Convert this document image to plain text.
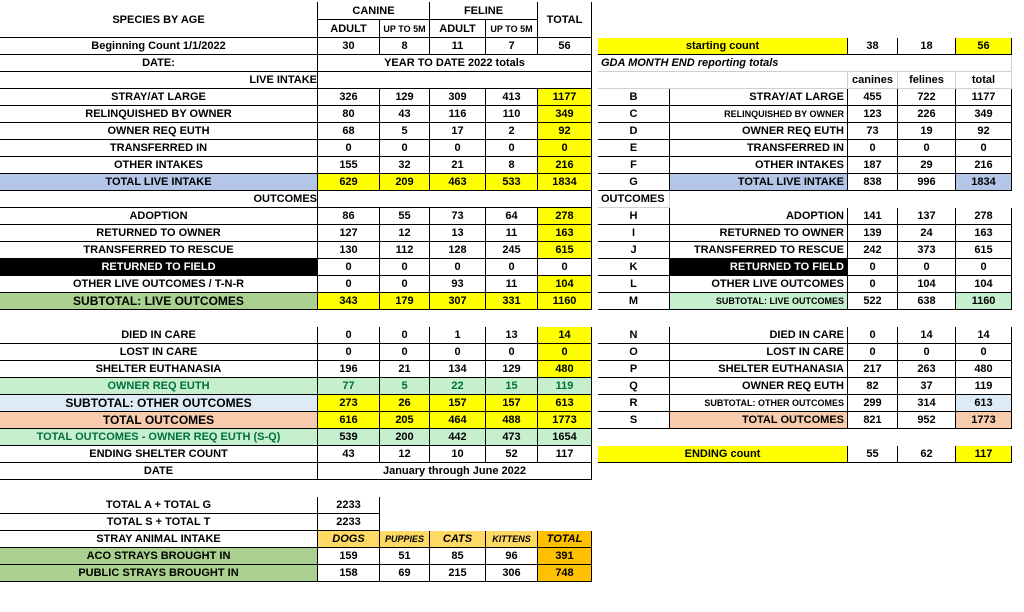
SPECIES BY AGE
CANINE	FELINE
TOTAL
ADULT	UP TO 5M	ADULT	UP TO 5M
Beginning Count 1/1/2022	30	8	11	7	56
DATE:	YEAR TO DATE 2022 totals
LIVE INTAKE
STRAY/AT LARGE	326	129	309	413	1177
RELINQUISHED BY OWNER	80	43	116	110	349
OWNER REQ EUTH	68	5	17	2	92
TRANSFERRED IN	0	0	0	0	0
OTHER INTAKES	155	32	21	8	216
TOTAL LIVE INTAKE	629	209	463	533	1834
OUTCOMES
ADOPTION	86	55	73	64	278
RETURNED TO OWNER	127	12	13	11	163
TRANSFERRED TO RESCUE	130	112	128	245	615
RETURNED TO FIELD	0	0	0	0	0
OTHER LIVE OUTCOMES / T-N-R	0	0	93	11	104
SUBTOTAL: LIVE OUTCOMES	343	179	307	331	1160
DIED IN CARE	0	0	1	13	14
LOST IN CARE	0	0	0	0	0
SHELTER EUTHANASIA	196	21	134	129	480
OWNER REQ EUTH	77	5	22	15	119
SUBTOTAL: OTHER OUTCOMES	273	26	157	157	613
TOTAL OUTCOMES	616	205	464	488	1773
TOTAL OUTCOMES - OWNER REQ EUTH (S-Q)	539	200	442	473	1654
ENDING SHELTER COUNT	43	12	10	52	117
DATE	January through June 2022
TOTAL A + TOTAL G	2233
TOTAL S + TOTAL T	2233
STRAY ANIMAL INTAKE	DOGS	PUPPIES	CATS	KITTENS	TOTAL
ACO STRAYS BROUGHT IN	159	51	85	96	391
PUBLIC STRAYS BROUGHT IN	158	69	215	306	748
starting count	38	18	56
GDA MONTH END reporting totals
canines	felines	total
B	STRAY/AT LARGE	455	722	1177
C	RELINQUISHED BY OWNER	123	226	349
D	OWNER REQ EUTH	73	19	92
E	TRANSFERRED IN	0	0	0
F	OTHER INTAKES	187	29	216
G	TOTAL LIVE INTAKE	838	996	1834
OUTCOMES
H	ADOPTION	141	137	278
I	RETURNED TO OWNER	139	24	163
J	TRANSFERRED TO RESCUE	242	373	615
K	RETURNED TO FIELD	0	0	0
L	OTHER LIVE OUTCOMES	0	104	104
M	SUBTOTAL: LIVE OUTCOMES	522	638	1160
N	DIED IN CARE	0	14	14
O	LOST IN CARE	0	0	0
P	SHELTER EUTHANASIA	217	263	480
Q	OWNER REQ EUTH	82	37	119
R	SUBTOTAL: OTHER OUTCOMES	299	314	613
S	TOTAL OUTCOMES	821	952	1773
ENDING count	55	62	117
